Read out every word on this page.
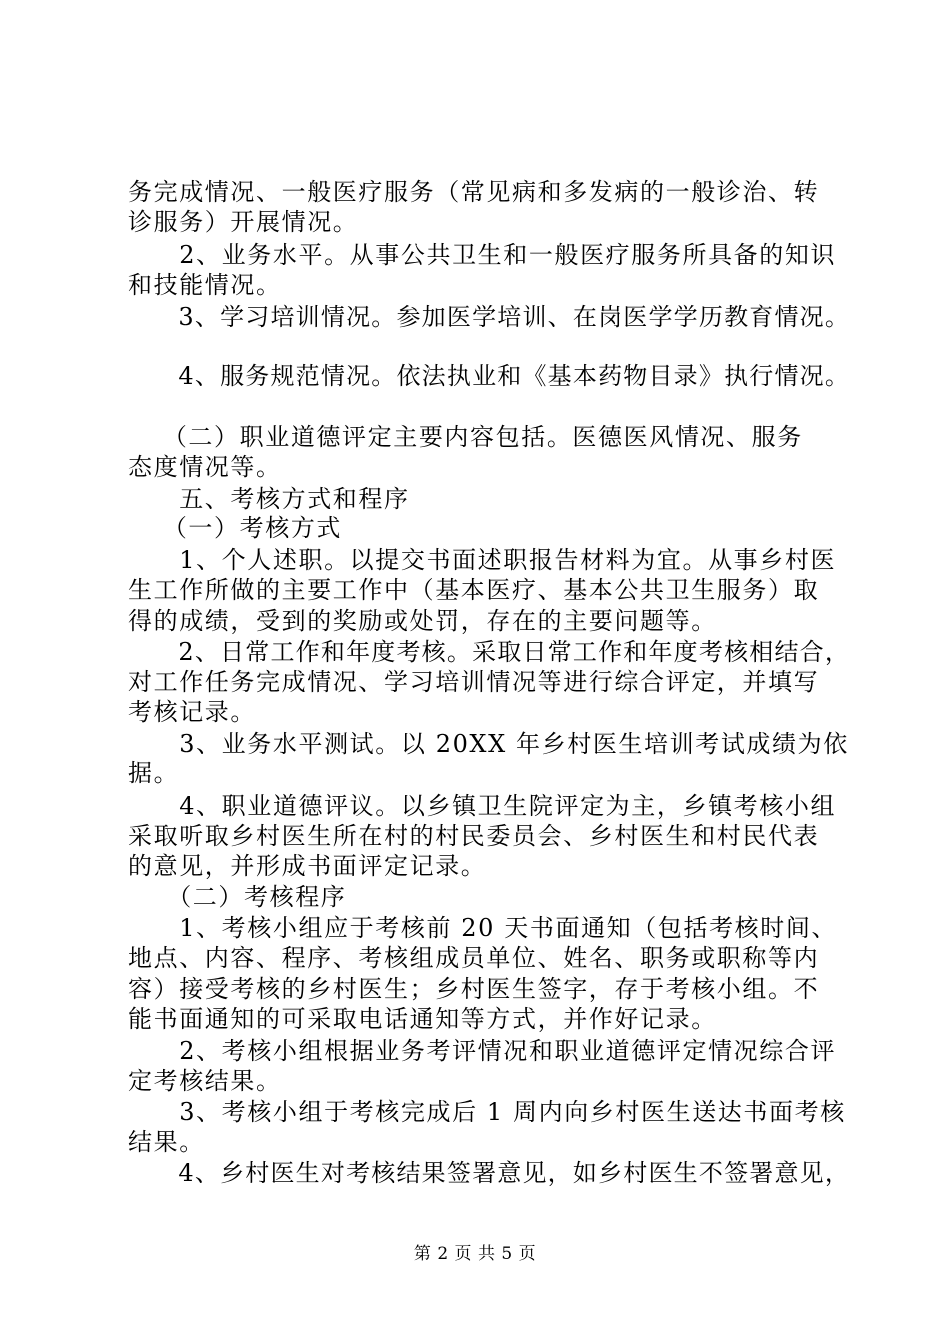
务完成情况、一般医疗服务（常见病和多发病的一般诊治、转
诊服务）开展情况。
　　2、业务水平。从事公共卫生和一般医疗服务所具备的知识
和技能情况。
　　3、学习培训情况。参加医学培训、在岗医学学历教育情况。
　　4、服务规范情况。依法执业和《基本药物目录》执行情况。
　 （二）职业道德评定主要内容包括。医德医风情况、服务
态度情况等。
　　五、考核方式和程序
　 （一）考核方式
　　1、个人述职。以提交书面述职报告材料为宜。从事乡村医
生工作所做的主要工作中（基本医疗、基本公共卫生服务）取
得的成绩，受到的奖励或处罚，存在的主要问题等。
　　2、日常工作和年度考核。采取日常工作和年度考核相结合，
对工作任务完成情况、学习培训情况等进行综合评定，并填写
考核记录。
　　3、业务水平测试。以 20XX 年乡村医生培训考试成绩为依
据。
　　4、职业道德评议。以乡镇卫生院评定为主，乡镇考核小组
采取听取乡村医生所在村的村民委员会、乡村医生和村民代表
的意见，并形成书面评定记录。
　　（二）考核程序
　　1、考核小组应于考核前 20 天书面通知（包括考核时间、
地点、内容、程序、考核组成员单位、姓名、职务或职称等内
容）接受考核的乡村医生；乡村医生签字，存于考核小组。不
能书面通知的可采取电话通知等方式，并作好记录。
　　2、考核小组根据业务考评情况和职业道德评定情况综合评
定考核结果。
　　3、考核小组于考核完成后 1 周内向乡村医生送达书面考核
结果。
　　4、乡村医生对考核结果签署意见，如乡村医生不签署意见，
第 2 页 共 5 页
